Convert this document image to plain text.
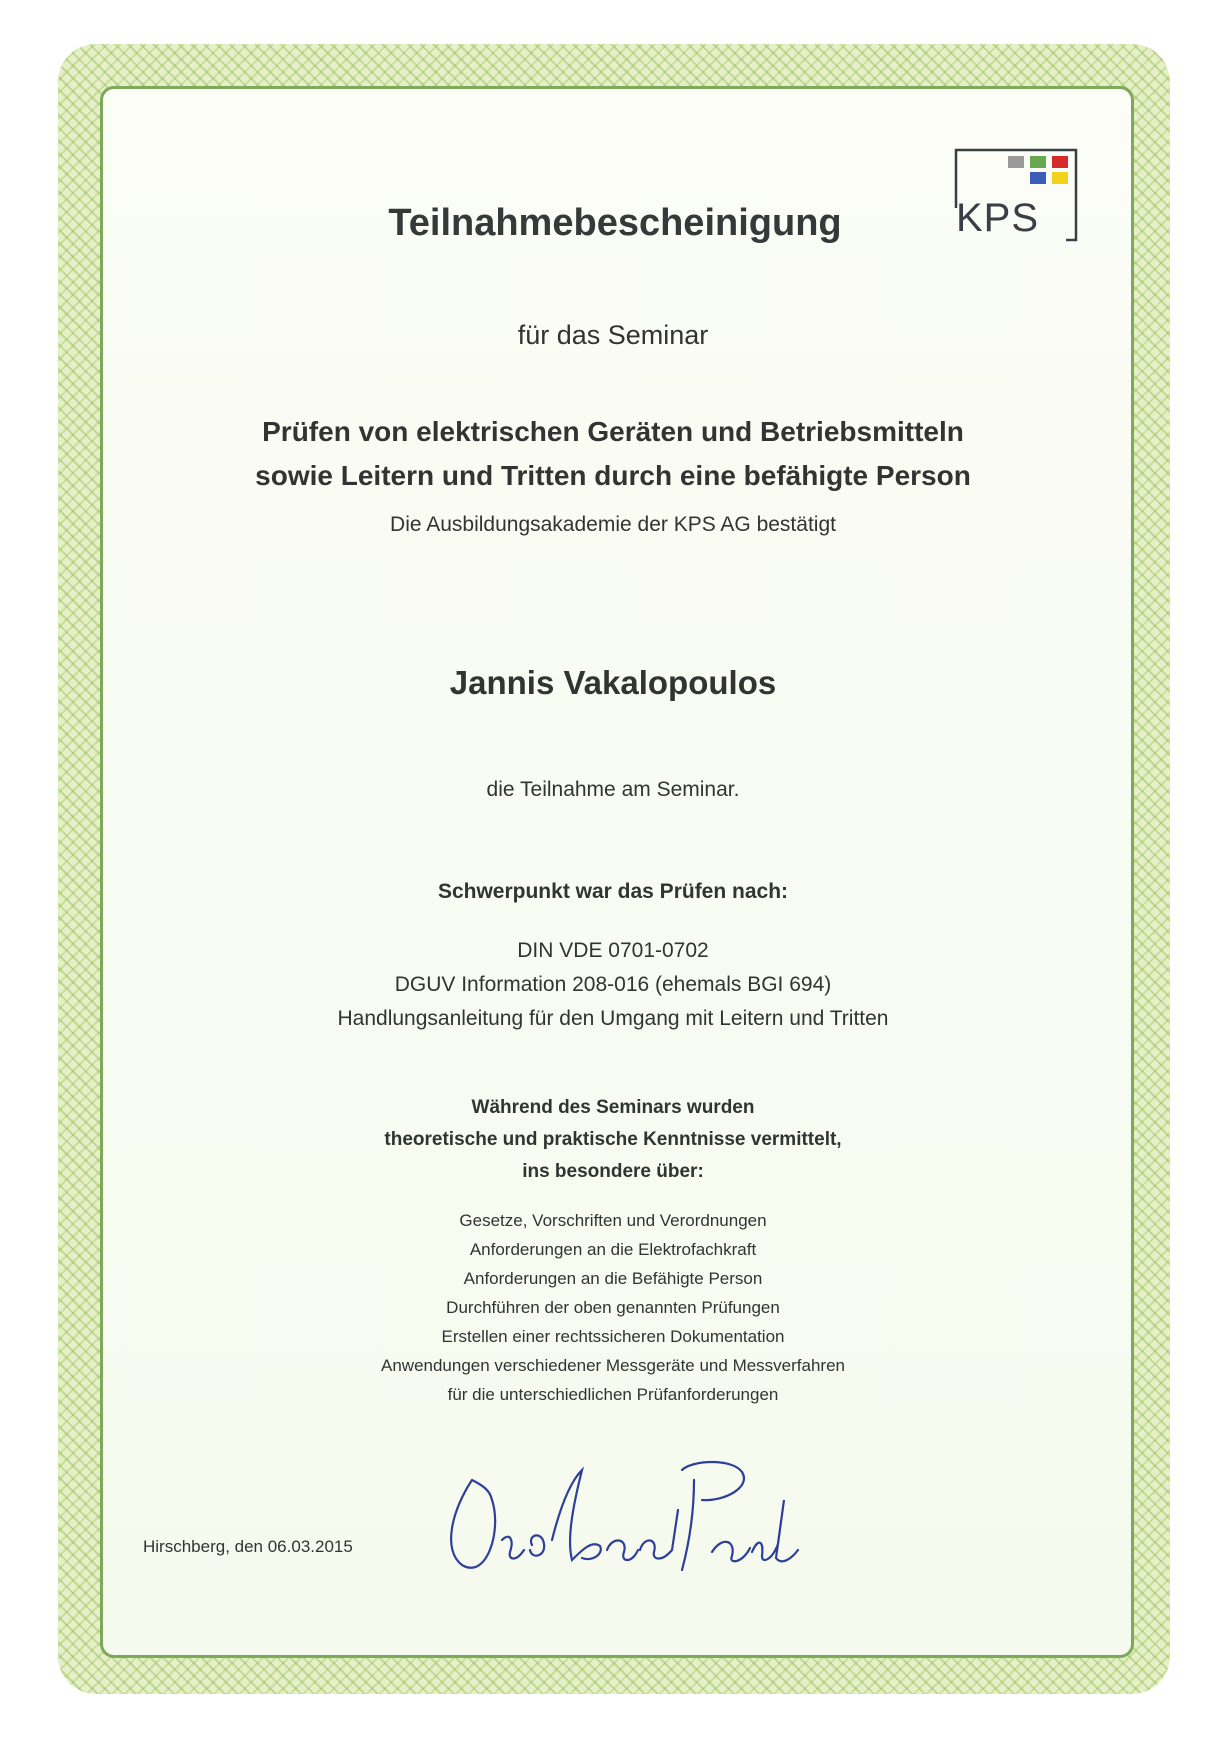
KPS
Teilnahmebescheinigung
für das Seminar
Prüfen von elektrischen Geräten und Betriebsmitteln
sowie Leitern und Tritten durch eine befähigte Person
Die Ausbildungsakademie der KPS AG bestätigt
Jannis Vakalopoulos
die Teilnahme am Seminar.
Schwerpunkt war das Prüfen nach:
DIN VDE 0701-0702
DGUV Information 208-016 (ehemals BGI 694)
Handlungsanleitung für den Umgang mit Leitern und Tritten
Während des Seminars wurden
theoretische und praktische Kenntnisse vermittelt,
ins besondere über:
Gesetze, Vorschriften und Verordnungen
Anforderungen an die Elektrofachkraft
Anforderungen an die Befähigte Person
Durchführen der oben genannten Prüfungen
Erstellen einer rechtssicheren Dokumentation
Anwendungen verschiedener Messgeräte und Messverfahren
für die unterschiedlichen Prüfanforderungen
Hirschberg, den 06.03.2015
